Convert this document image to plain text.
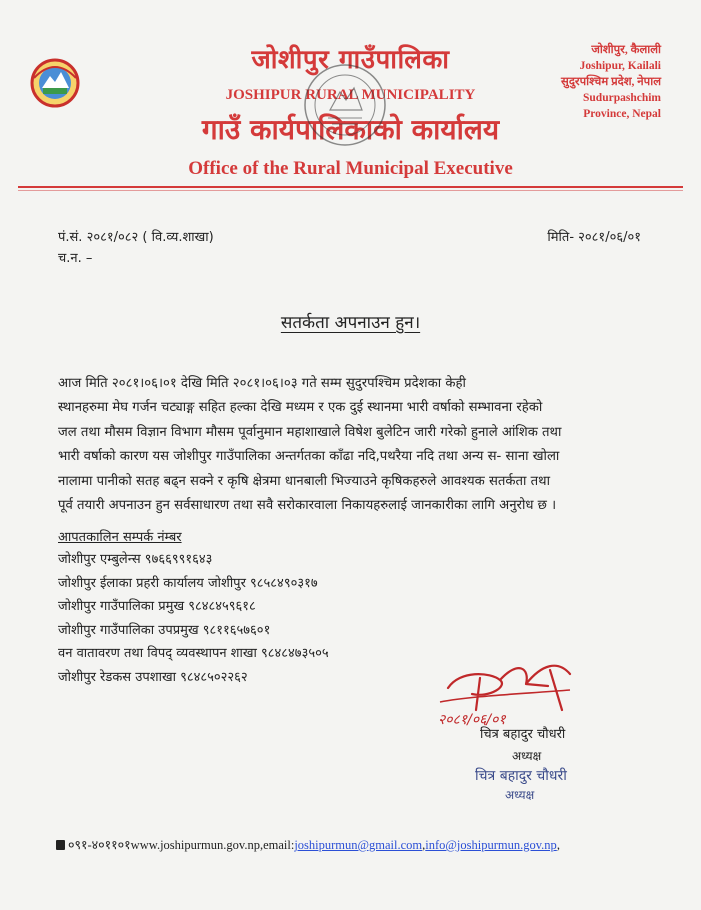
जोशीपुर गाउँपालिका
JOSHIPUR RURAL MUNICIPALITY
गाउँ कार्यपालिकाको कार्यालय
Office of the Rural Municipal Executive
जोशीपुर, कैलाली
Joshipur, Kailali
सुदुरपश्चिम प्रदेश, नेपाल
Sudurpashchim
Province, Nepal
पं.सं. २०८१/०८२ ( वि.व्य.शाखा)	मिति- २०८१/०६/०१
च.न. –
सतर्कता अपनाउन हुन।
आज मिति २०८१।०६।०१ देखि मिति २०८१।०६।०३ गते सम्म सुदुरपश्चिम प्रदेशका केही
स्थानहरुमा मेघ गर्जन चट्याङ्ग सहित हल्का देखि मध्यम र एक दुई स्थानमा भारी वर्षाको सम्भावना रहेको
जल तथा मौसम विज्ञान विभाग मौसम पूर्वानुमान महाशाखाले विषेश बुलेटिन जारी गरेको हुनाले आंशिक तथा
भारी वर्षाको कारण यस जोशीपुर गाउँपालिका अन्तर्गतका काँढा नदि,पथरैया नदि तथा अन्य स- साना खोला
नालामा पानीको सतह बढ्न सक्ने र कृषि क्षेत्रमा धानबाली भिज्याउने कृषिकहरुले आवश्यक सतर्कता तथा
पूर्व तयारी अपनाउन हुन सर्वसाधारण तथा सवै सरोकारवाला निकायहरुलाई जानकारीका लागि अनुरोध छ ।
आपतकालिन सम्पर्क नंम्बर
जोशीपुर एम्बुलेन्स ९७६६९९१६४३
जोशीपुर ईलाका प्रहरी कार्यालय जोशीपुर ९८५८४९०३१७
जोशीपुर गाउँपालिका प्रमुख ९८४८४५९६१८
जोशीपुर गाउँपालिका उपप्रमुख ९८११६५७६०१
वन वातावरण तथा विपद् व्यवस्थापन शाखा ९८४८४७३५०५
जोशीपुर रेडकस उपशाखा ९८४८५०२२६२
२०८१/०६/०१
चित्र बहादुर चौधरी
अध्यक्ष
चित्र बहादुर चौधरी
अध्यक्ष
०९१-४०११०१www.joshipurmun.gov.np,email:joshipurmun@gmail.com,info@joshipurmun.gov.np,
